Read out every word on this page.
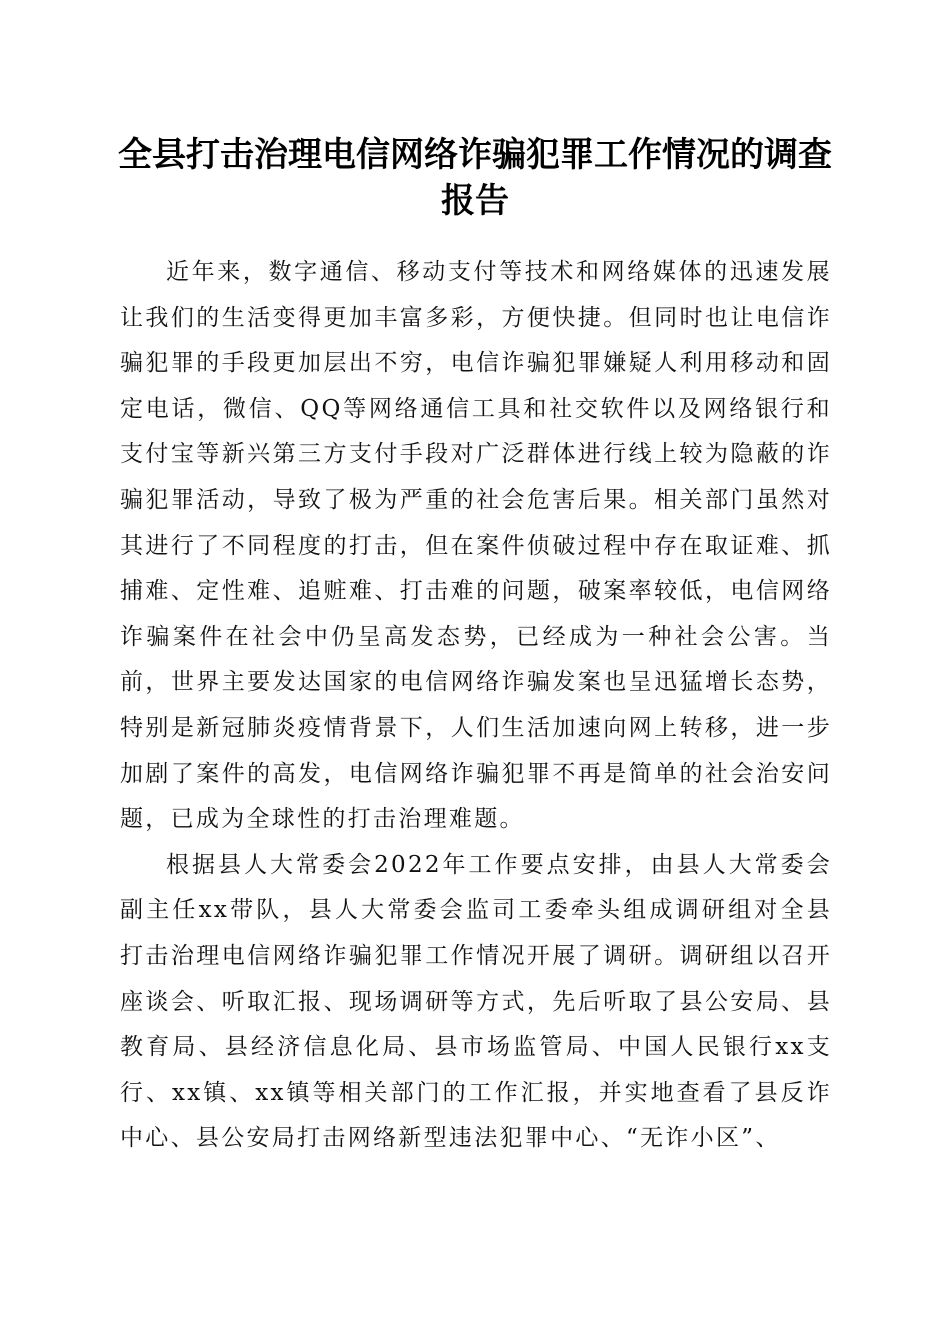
全县打击治理电信网络诈骗犯罪工作情况的调查报告

近年来，数字通信、移动支付等技术和网络媒体的迅速发展让我们的生活变得更加丰富多彩，方便快捷。但同时也让电信诈骗犯罪的手段更加层出不穷，电信诈骗犯罪嫌疑人利用移动和固定电话，微信、QQ等网络通信工具和社交软件以及网络银行和支付宝等新兴第三方支付手段对广泛群体进行线上较为隐蔽的诈骗犯罪活动，导致了极为严重的社会危害后果。相关部门虽然对其进行了不同程度的打击，但在案件侦破过程中存在取证难、抓捕难、定性难、追赃难、打击难的问题，破案率较低，电信网络诈骗案件在社会中仍呈高发态势，已经成为一种社会公害。当前，世界主要发达国家的电信网络诈骗发案也呈迅猛增长态势，特别是新冠肺炎疫情背景下，人们生活加速向网上转移，进一步加剧了案件的高发，电信网络诈骗犯罪不再是简单的社会治安问题，已成为全球性的打击治理难题。

根据县人大常委会2022年工作要点安排，由县人大常委会副主任xx带队，县人大常委会监司工委牵头组成调研组对全县打击治理电信网络诈骗犯罪工作情况开展了调研。调研组以召开座谈会、听取汇报、现场调研等方式，先后听取了县公安局、县教育局、县经济信息化局、县市场监管局、中国人民银行xx支行、xx镇、xx镇等相关部门的工作汇报，并实地查看了县反诈中心、县公安局打击网络新型违法犯罪中心、“无诈小区”、
